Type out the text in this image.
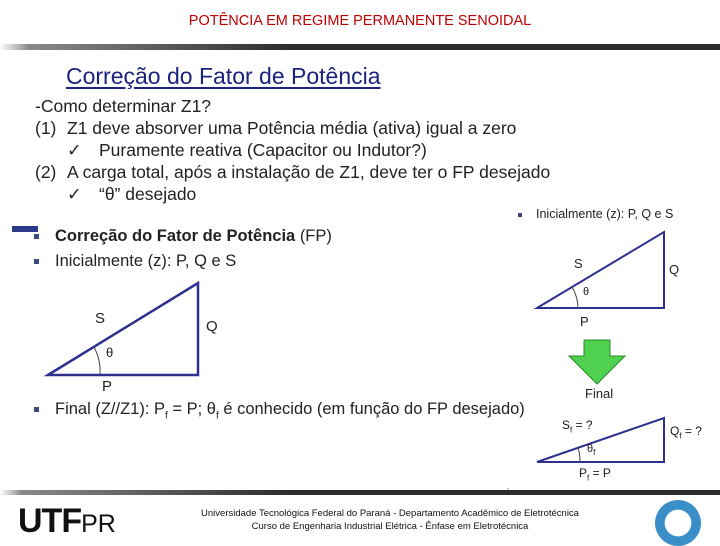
POTÊNCIA EM REGIME PERMANENTE SENOIDAL
Correção do Fator de Potência
-Como determinar Z1?
(1) Z1 deve absorver uma Potência média (ativa) igual a zero
✓ Puramente reativa (Capacitor ou Indutor?)
(2) A carga total, após a instalação de Z1, deve ter o FP desejado
✓ “θ” desejado
Correção do Fator de Potência (FP)
Inicialmente (z): P, Q e S
S	Q
P
θ
Final (Z//Z1): $P_f = P$; $\theta_f$ é conhecido (em função do FP desejado)
Inicialmente (z): P, Q e S
S	Q
P
θ
Final
$S_f$ = ?	$Q_f$ = ?
$\theta_f$
$P_f = P$
UTFPR	Universidade Tecnológica Federal do Paraná - Departamento Acadêmico de Eletrotécnica
Curso de Engenharia Industrial Elétrica - Ênfase em Eletrotécnica
